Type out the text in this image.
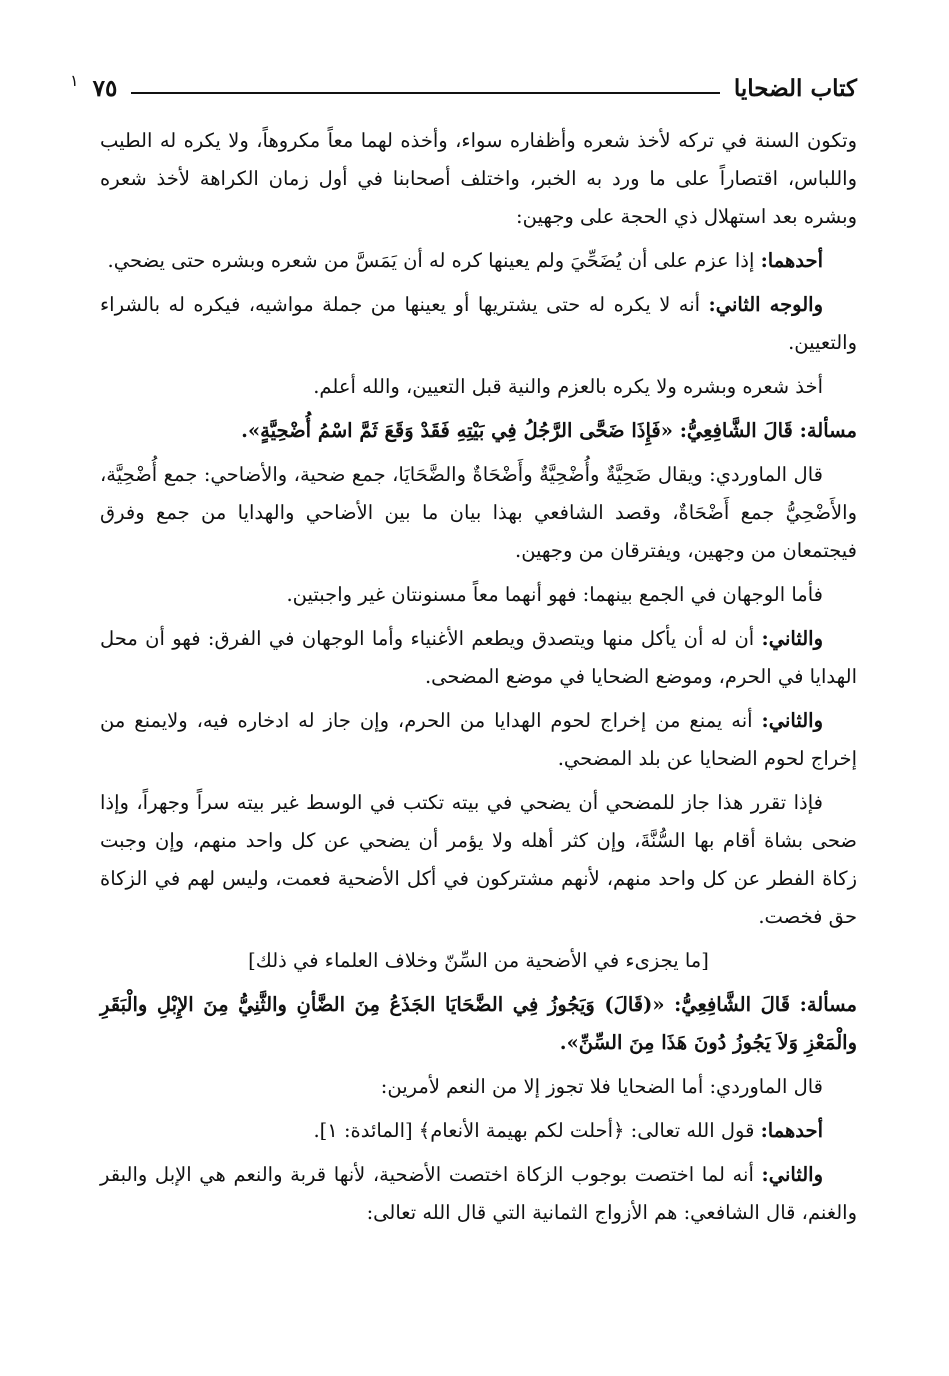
كتاب الضحايا
٧٥
١

وتكون السنة في تركه لأخذ شعره وأظفاره سواء، وأخذه لهما معاً مكروهاً، ولا يكره له الطيب واللباس، اقتصاراً على ما ورد به الخبر، واختلف أصحابنا في أول زمان الكراهة لأخذ شعره وبشره بعد استهلال ذي الحجة على وجهين:

أحدهما: إذا عزم على أن يُضَحِّيَ ولم يعينها كره له أن يَمَسَّ من شعره وبشره حتى يضحي.

والوجه الثاني: أنه لا يكره له حتى يشتريها أو يعينها من جملة مواشيه، فيكره له بالشراء والتعيين.

أخذ شعره وبشره ولا يكره بالعزم والنية قبل التعيين، والله أعلم.

مسألة: قَالَ الشَّافِعِيُّ: «فَإِذَا ضَحَّى الرَّجُلُ فِي بَيْتِهِ فَقَدْ وَقَعَ ثَمَّ اسْمُ أُضْحِيَّةٍ».

قال الماوردي: ويقال ضَحِيَّةٌ وأُضْحِيَّةٌ وأَضْحَاةٌ والضَّحَايَا، جمع ضحية، والأضاحي: جمع أُضْحِيَّة، والأَضْحِيُّ جمع أَضْحَاةٌ، وقصد الشافعي بهذا بيان ما بين الأضاحي والهدايا من جمع وفرق فيجتمعان من وجهين، ويفترقان من وجهين.

فأما الوجهان في الجمع بينهما: فهو أنهما معاً مسنونتان غير واجبتين.

والثاني: أن له أن يأكل منها ويتصدق ويطعم الأغنياء وأما الوجهان في الفرق: فهو أن محل الهدايا في الحرم، وموضع الضحايا في موضع المضحى.

والثاني: أنه يمنع من إخراج لحوم الهدايا من الحرم، وإن جاز له ادخاره فيه، ولايمنع من إخراج لحوم الضحايا عن بلد المضحي.

فإذا تقرر هذا جاز للمضحي أن يضحي في بيته تكتب في الوسط غير بيته سراً وجهراً، وإذا ضحى بشاة أقام بها السُّنَّةَ، وإن كثر أهله ولا يؤمر أن يضحي عن كل واحد منهم، وإن وجبت زكاة الفطر عن كل واحد منهم، لأنهم مشتركون في أكل الأضحية فعمت، وليس لهم في الزكاة حق فخصت.

[ما يجزىء في الأضحية من السِّنّ وخلاف العلماء في ذلك]

مسألة: قَالَ الشَّافِعِيُّ: «(قَالَ) وَيَجُوزُ فِي الضَّحَايَا الجَذَعُ مِنَ الضَّأنِ والثَّنِيُّ مِنَ الإِبْلِ والْبَقَرِ والْمَعْزِ وَلاَ يَجُوزُ دُونَ هَذَا مِنَ السِّنِّ».

قال الماوردي: أما الضحايا فلا تجوز إلا من النعم لأمرين:

أحدهما: قول الله تعالى: ﴿أحلت لكم بهيمة الأنعام﴾ [المائدة: ١].

والثاني: أنه لما اختصت بوجوب الزكاة اختصت الأضحية، لأنها قربة والنعم هي الإبل والبقر والغنم، قال الشافعي: هم الأزواج الثمانية التي قال الله تعالى:
